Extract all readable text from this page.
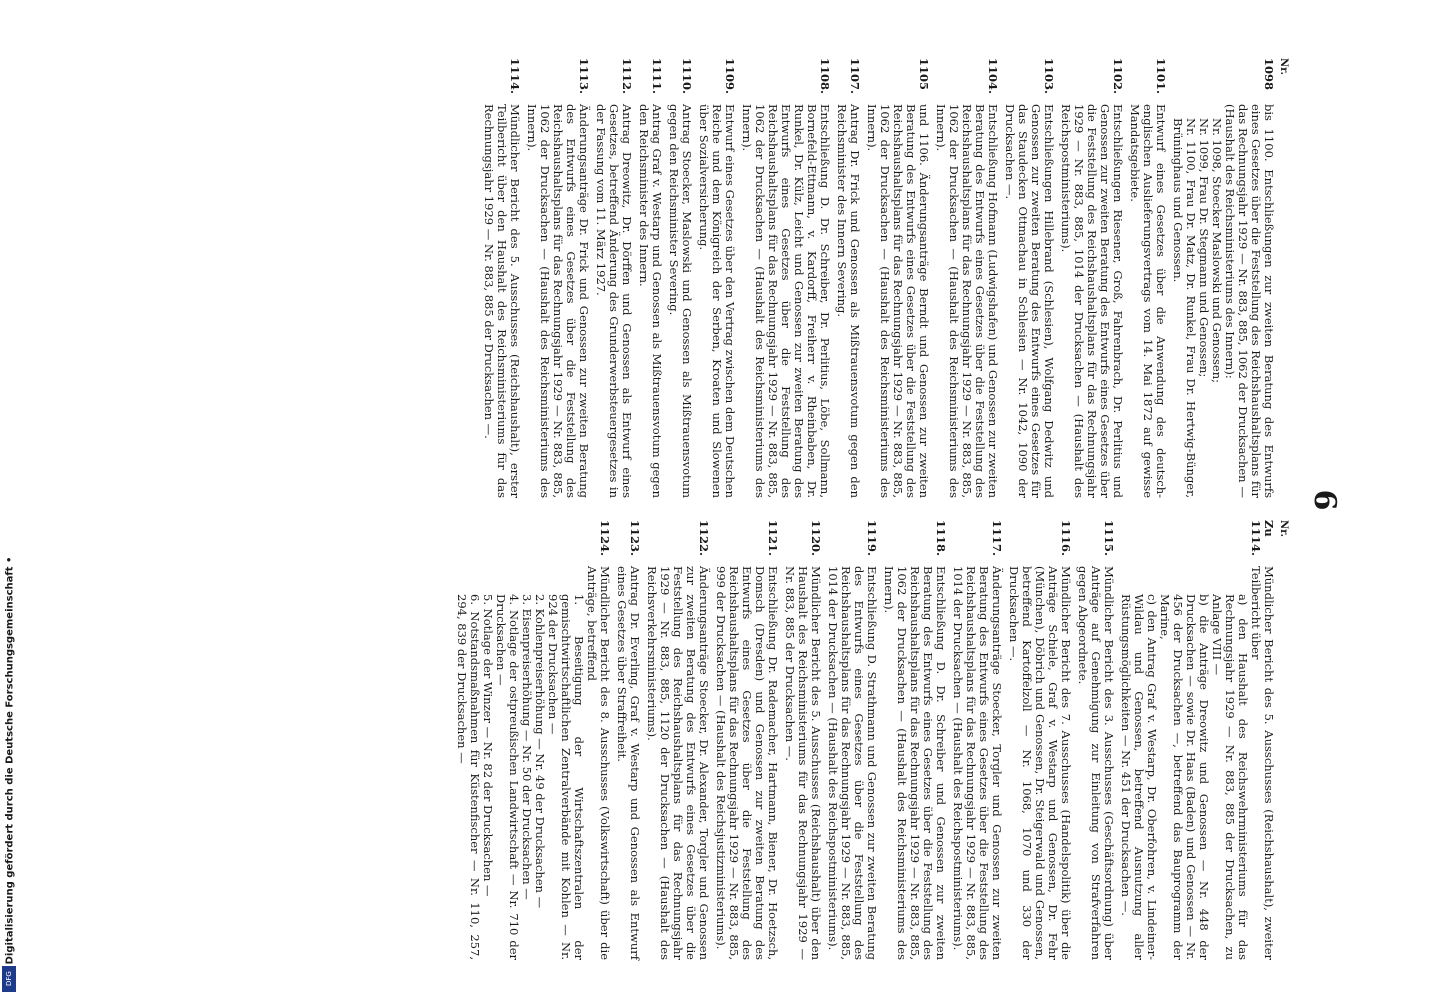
6
Nr.
1098
bis 1100. Entschließungen zur zweiten Beratung des Entwurfs eines Gesetzes über die Feststellung des Reichshaushaltsplans für das Rechnungsjahr 1929 — Nr. 883, 885, 1062 der Drucksachen — (Haushalt des Reichsministeriums des Innern):
Nr. 1098, Stoecker Maslowski und Genossen;
Nr. 1099, Frau Dr. Stegmann und Genossen;
Nr. 1100, Frau Dr. Matz, Dr. Runkel, Frau Dr. Hertwig-Bünger, Brüninghaus und Genossen.
1101.
Entwurf eines Gesetzes über die Anwendung des deutsch-englischen Auslieferungsvertrags vom 14. Mai 1872 auf gewisse Mandatsgebiete.
1102.
Entschließungen Riesener, Groß, Fahrenbrach, Dr. Perlitius und Genossen zur zweiten Beratung des Entwurfs eines Gesetzes über die Feststellung des Reichshaushaltsplans für das Rechnungsjahr 1929 — Nr. 883, 885, 1014 der Drucksachen — (Haushalt des Reichspostministeriums).
1103.
Entschließungen Hillebrand (Schlesien), Wolfgang Dedwitz und Genossen zur zweiten Beratung des Entwurfs eines Gesetzes für das Staudecken Ottmachau in Schlesien — Nr. 1042, 1090 der Drucksachen —.
1104.
Entschließung Hofmann (Ludwigshafen) und Genossen zur zweiten Beratung des Entwurfs eines Gesetzes über die Feststellung des Reichshaushaltsplans für das Rechnungsjahr 1929 — Nr. 883, 885, 1062 der Drucksachen — (Haushalt des Reichsministeriums des Innern).
1105
und 1106. Änderungsanträge Berndt und Genossen zur zweiten Beratung des Entwurfs eines Gesetzes über die Feststellung des Reichshaushaltsplans für das Rechnungsjahr 1929 — Nr. 883, 885, 1062 der Drucksachen — (Haushalt des Reichsministeriums des Innern).
1107.
Antrag Dr. Frick und Genossen als Mißtrauensvotum gegen den Reichsminister des Innern Severing.
1108.
Entschließung D. Dr. Schreiber, Dr. Perlitius, Löbe, Sollmann, Bornefeld-Ettmann, v. Kardorff, Freiherr v. Rheinbaben, Dr. Runkel, Dr. Külz, Leicht und Genossen zur zweiten Beratung des Entwurfs eines Gesetzes über die Feststellung des Reichshaushaltsplans für das Rechnungsjahr 1929 — Nr. 883, 885, 1062 der Drucksachen — (Haushalt des Reichsministeriums des Innern).
1109.
Entwurf eines Gesetzes über den Vertrag zwischen dem Deutschen Reiche und dem Königreich der Serben, Kroaten und Slowenen über Sozialversicherung.
1110.
Antrag Stoecker, Maslowski und Genossen als Mißtrauensvotum gegen den Reichsminister Severing.
1111.
Antrag Graf v. Westarp und Genossen als Mißtrauensvotum gegen den Reichsminister des Innern.
1112.
Antrag Dreowitz, Dr. Dörffen und Genossen als Entwurf eines Gesetzes, betreffend Änderung des Grunderwerbsteuergesetzes in der Fassung vom 11. März 1927.
1113.
Änderungsanträge Dr. Frick und Genossen zur zweiten Beratung des Entwurfs eines Gesetzes über die Feststellung des Reichshaushaltsplans für das Rechnungsjahr 1929 — Nr. 883, 885, 1062 der Drucksachen — (Haushalt des Reichsministeriums des Innern).
1114.
Mündlicher Bericht des 5. Ausschusses (Reichshaushalt), erster Teilbericht über den Haushalt des Reichsministeriums für das Rechnungsjahr 1929 — Nr. 883, 885 der Drucksachen —.
Nr.
Zu 1114.
Mündlicher Bericht des 5. Ausschusses (Reichshaushalt), zweiter Teilbericht über
a) den Haushalt des Reichswehrministeriums für das Rechnungsjahr 1929 — Nr. 883, 885 der Drucksachen, zu Anlage VIII —
b) die Anträge Dreowitz und Genossen — Nr. 448 der Drucksachen — sowie Dr. Haas (Baden) und Genossen — Nr. 456 der Drucksachen —, betreffend das Bauprogramm der Marine,
c) den Antrag Graf v. Westarp, Dr. Oberfohren, v. Lindeiner-Wildau und Genossen, betreffend Ausnutzung aller Rüstungsmöglichkeiten — Nr. 451 der Drucksachen —.
1115.
Mündlicher Bericht des 3. Ausschusses (Geschäftsordnung) über Anträge auf Genehmigung zur Einleitung von Strafverfahren gegen Abgeordnete.
1116.
Mündlicher Bericht des 7. Ausschusses (Handelspolitik) über die Anträge Schiele, Graf v. Westarp und Genossen, Dr. Fehr (München), Döbrich und Genossen, Dr. Steigerwald und Genossen, betreffend Kartoffelzoll — Nr. 1068, 1070 und 330 der Drucksachen —.
1117.
Änderungsanträge Stoecker, Torgler und Genossen zur zweiten Beratung des Entwurfs eines Gesetzes über die Feststellung des Reichshaushaltsplans für das Rechnungsjahr 1929 — Nr. 883, 885, 1014 der Drucksachen — (Haushalt des Reichspostministeriums).
1118.
Entschließung D. Dr. Schreiber und Genossen zur zweiten Beratung des Entwurfs eines Gesetzes über die Feststellung des Reichshaushaltsplans für das Rechnungsjahr 1929 — Nr. 883, 885, 1062 der Drucksachen — (Haushalt des Reichsministeriums des Innern).
1119.
Entschließung D. Strathmann und Genossen zur zweiten Beratung des Entwurfs eines Gesetzes über die Feststellung des Reichshaushaltsplans für das Rechnungsjahr 1929 — Nr. 883, 885, 1014 der Drucksachen — (Haushalt des Reichspostministeriums).
1120.
Mündlicher Bericht des 5. Ausschusses (Reichshaushalt) über den Haushalt des Reichsministeriums für das Rechnungsjahr 1929 — Nr. 883, 885 der Drucksachen —.
1121.
Entschließung Dr. Rademacher, Hartmann, Biener, Dr. Hoetzsch, Domsch (Dresden) und Genossen zur zweiten Beratung des Entwurfs eines Gesetzes über die Feststellung des Reichshaushaltsplans für das Rechnungsjahr 1929 — Nr. 883, 885, 999 der Drucksachen — (Haushalt des Reichsjustizministeriums).
1122.
Änderungsanträge Stoecker, Dr. Alexander, Torgler und Genossen zur zweiten Beratung des Entwurfs eines Gesetzes über die Feststellung des Reichshaushaltsplans für das Rechnungsjahr 1929 — Nr. 883, 885, 1120 der Drucksachen — (Haushalt des Reichsverkehrsministeriums).
1123.
Antrag Dr. Everling, Graf v. Westarp und Genossen als Entwurf eines Gesetzes über Straffreiheit.
1124.
Mündlicher Bericht des 8. Ausschusses (Volkswirtschaft) über die Anträge, betreffend
1. Beseitigung der Wirtschaftszentralen der gemischtwirtschaftlichen Zentralverbände mit Kohlen — Nr. 924 der Drucksachen —
2. Kohlenpreiserhöhung — Nr. 49 der Drucksachen —
3. Eisenpreiserhöhung — Nr. 50 der Drucksachen —
4. Notlage der ostpreußischen Landwirtschaft — Nr. 710 der Drucksachen —
5. Notlage der Winzer — Nr. 82 der Drucksachen —
6. Notstandsmaßnahmen für Küstenfischer — Nr. 110, 257, 294, 839 der Drucksachen —
Digitalisierung gefördert durch die Deutsche Forschungsgemeinschaft •
DFG
